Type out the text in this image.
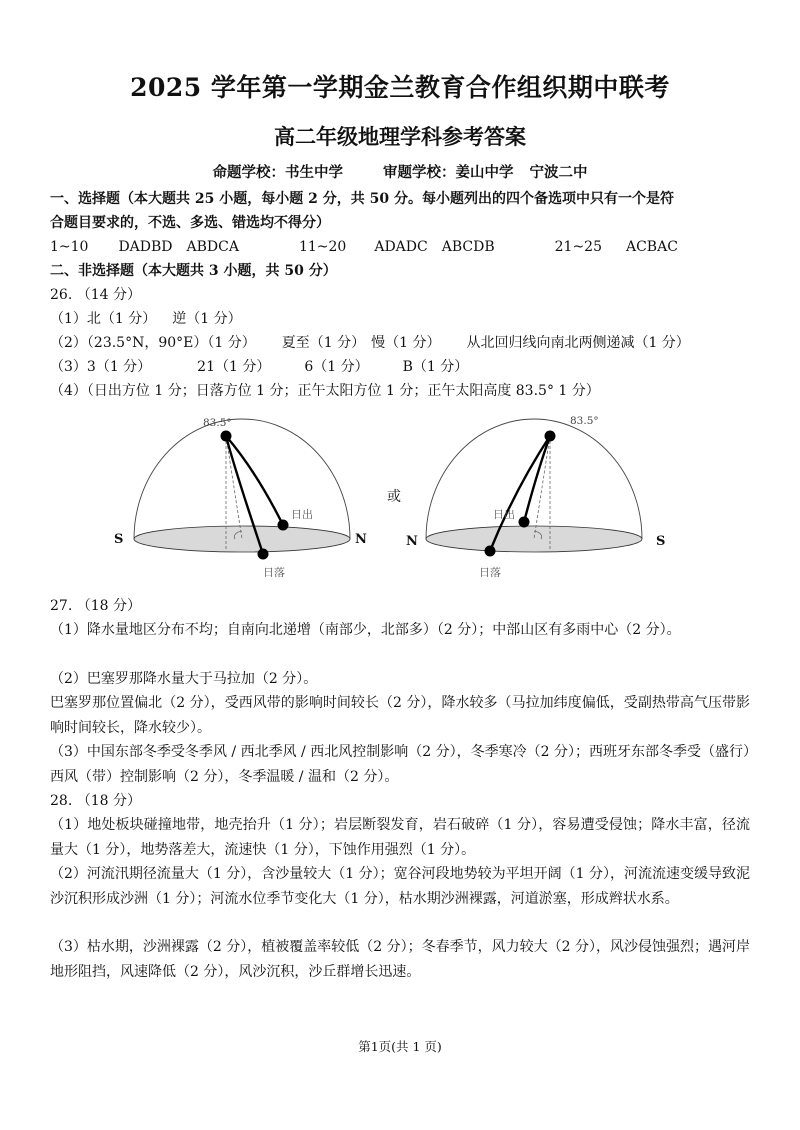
2025 学年第一学期金兰教育合作组织期中联考
高二年级地理学科参考答案
命题学校：书生中学	审题学校：姜山中学 宁波二中
一、选择题（本大题共 25 小题，每小题 2 分，共 50 分。每小题列出的四个备选项中只有一个是符
合题目要求的，不选、多选、错选均不得分）
1~10 DADBD ABDCA	11~20 ADADC ABCDB	21~25 ACBAC
二、非选择题（本大题共 3 小题，共 50 分）
26. （14 分）
（1）北（1 分） 逆（1 分）
（2）（23.5°N，90°E）（1 分） 夏至（1 分） 慢（1 分） 从北回归线向南北两侧递减（1 分）
（3）3（1 分）	21（1 分） 6（1 分） B（1 分）
（4）（日出方位 1 分；日落方位 1 分；正午太阳方位 1 分；正午太阳高度 83.5° 1 分）
83.5°
S	N
日出
日落
或
83.5°
N	S
日出
日落
27. （18 分）
（1）降水量地区分布不均；自南向北递增（南部少，北部多）（2 分）；中部山区有多雨中心（2 分）。
（2）巴塞罗那降水量大于马拉加（2 分）。
巴塞罗那位置偏北（2 分），受西风带的影响时间较长（2 分），降水较多（马拉加纬度偏低，受副热带高气压带影响时间较长，降水较少）。
（3）中国东部冬季受冬季风 / 西北季风 / 西北风控制影响（2 分），冬季寒冷（2 分）；西班牙东部冬季受（盛行）西风（带）控制影响（2 分），冬季温暖 / 温和（2 分）。
28. （18 分）
（1）地处板块碰撞地带，地壳抬升（1 分）；岩层断裂发育，岩石破碎（1 分），容易遭受侵蚀；降水丰富，径流量大（1 分），地势落差大，流速快（1 分），下蚀作用强烈（1 分）。
（2）河流汛期径流量大（1 分），含沙量较大（1 分）；宽谷河段地势较为平坦开阔（1 分），河流流速变缓导致泥沙沉积形成沙洲（1 分）；河流水位季节变化大（1 分），枯水期沙洲裸露，河道淤塞，形成辫状水系。
（3）枯水期，沙洲裸露（2 分），植被覆盖率较低（2 分）；冬春季节，风力较大（2 分），风沙侵蚀强烈；遇河岸地形阻挡，风速降低（2 分），风沙沉积，沙丘群增长迅速。
第1页(共 1 页)
